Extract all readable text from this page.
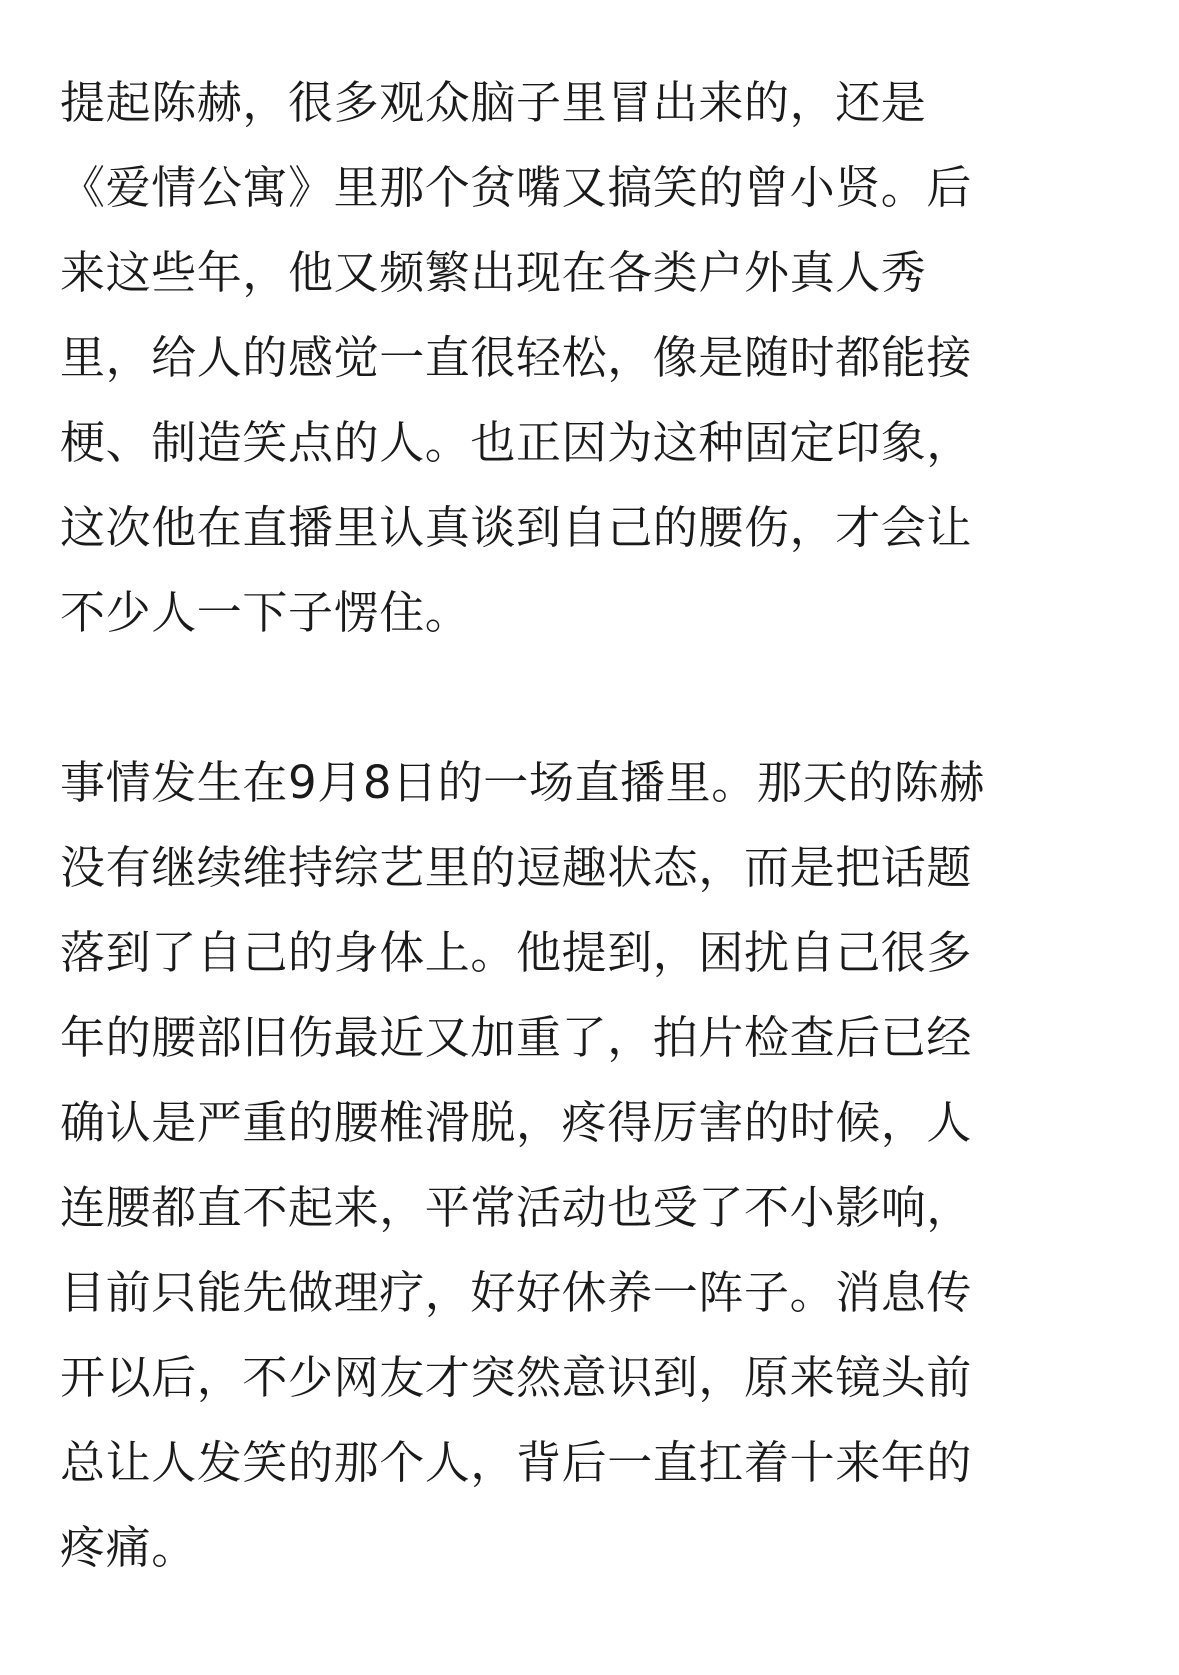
提起陈赫，很多观众脑子里冒出来的，还是
《爱情公寓》里那个贫嘴又搞笑的曾小贤。后
来这些年，他又频繁出现在各类户外真人秀
里，给人的感觉一直很轻松，像是随时都能接
梗、制造笑点的人。也正因为这种固定印象，
这次他在直播里认真谈到自己的腰伤，才会让
不少人一下子愣住。
事情发生在9月8日的一场直播里。那天的陈赫
没有继续维持综艺里的逗趣状态，而是把话题
落到了自己的身体上。他提到，困扰自己很多
年的腰部旧伤最近又加重了，拍片检查后已经
确认是严重的腰椎滑脱，疼得厉害的时候，人
连腰都直不起来，平常活动也受了不小影响，
目前只能先做理疗，好好休养一阵子。消息传
开以后，不少网友才突然意识到，原来镜头前
总让人发笑的那个人，背后一直扛着十来年的
疼痛。
